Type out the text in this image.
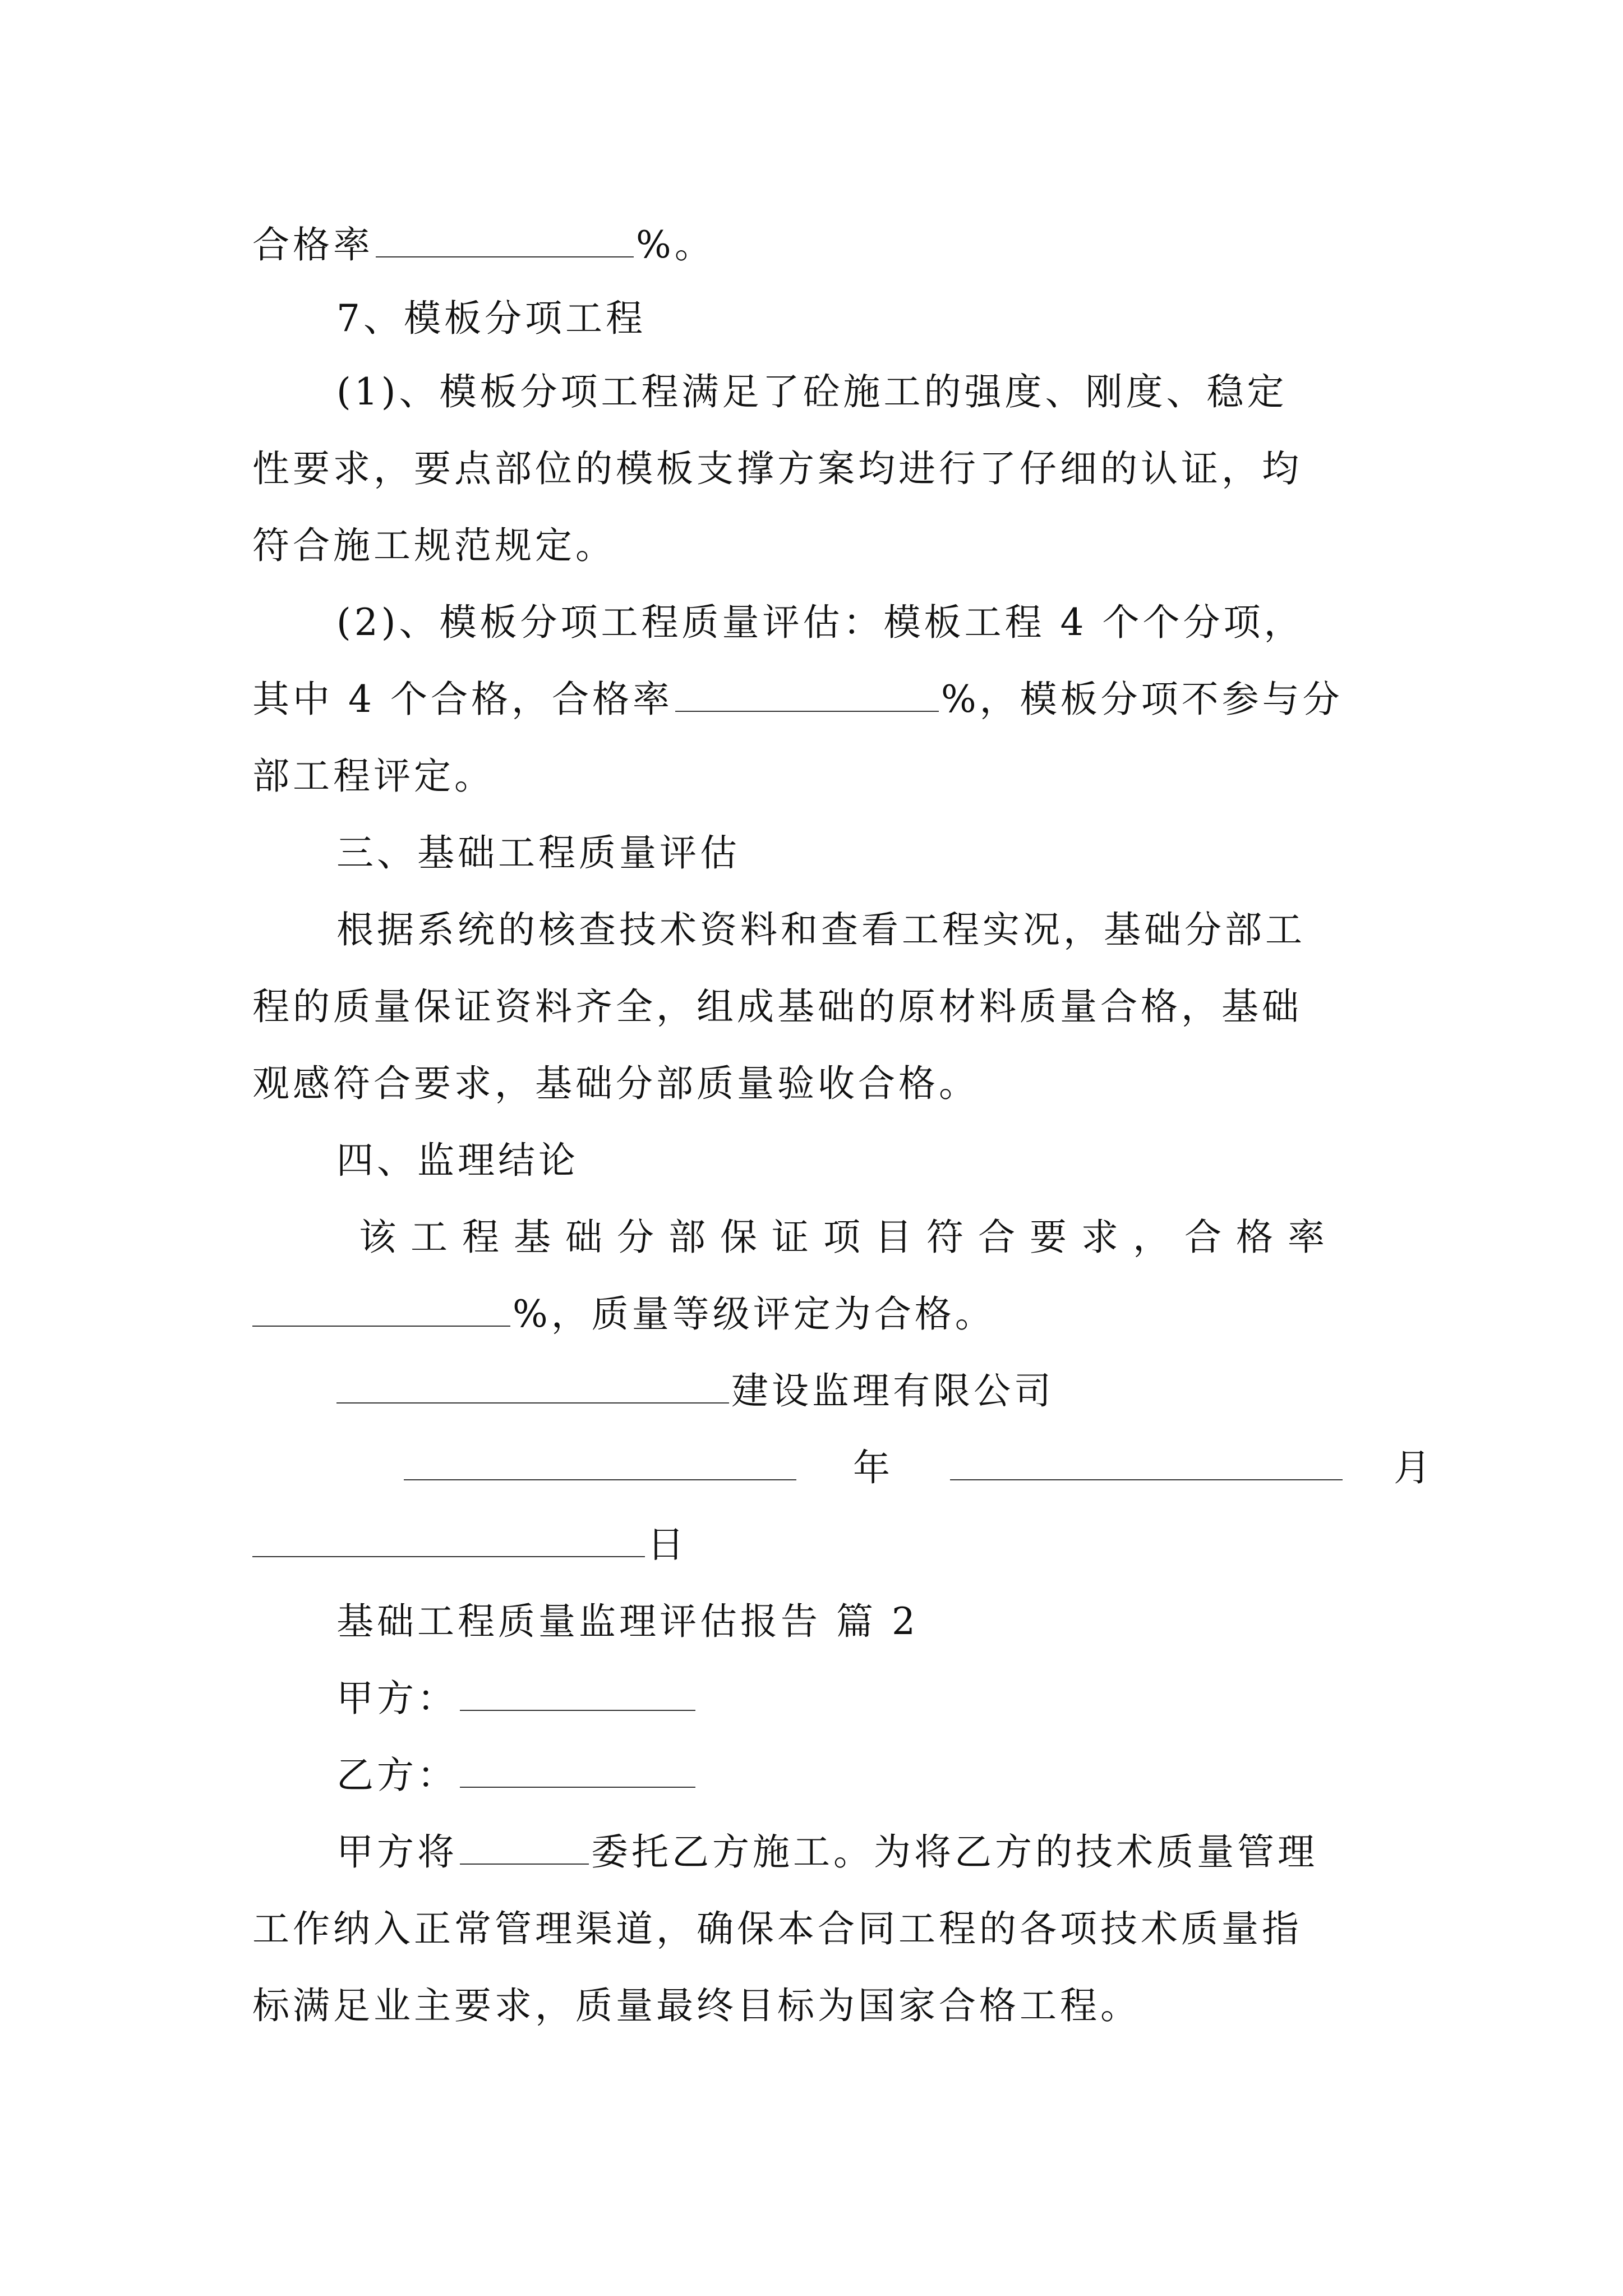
合格率	%。
7、模板分项工程
(1)、模板分项工程满足了砼施工的强度、刚度、稳定
性要求，要点部位的模板支撑方案均进行了仔细的认证，均
符合施工规范规定。
(2)、模板分项工程质量评估：模板工程 4 个个分项，
其中 4 个合格，合格率	%，模板分项不参与分
部工程评定。
三、基础工程质量评估
根据系统的核查技术资料和查看工程实况，基础分部工
程的质量保证资料齐全，组成基础的原材料质量合格，基础
观感符合要求，基础分部质量验收合格。
四、监理结论
该工程基础分部保证项目符合要求，合格率
%，质量等级评定为合格。
建设监理有限公司
年	月
日
基础工程质量监理评估报告 篇 2
甲方：
乙方：
甲方将	委托乙方施工。为将乙方的技术质量管理
工作纳入正常管理渠道，确保本合同工程的各项技术质量指
标满足业主要求，质量最终目标为国家合格工程。
